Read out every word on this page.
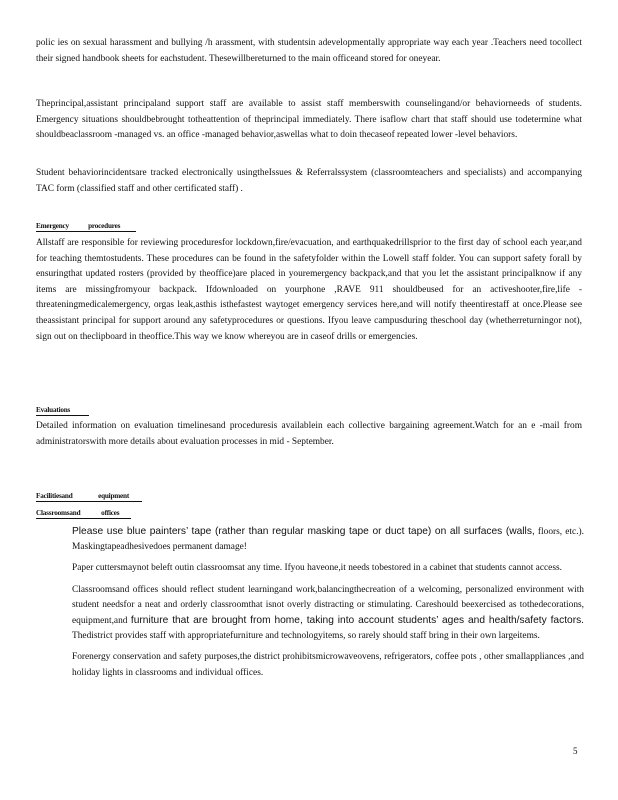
polic ies on sexual harassment and bullying /h arassment, with studentsin adevelopmentally appropriate way each year .Teachers need tocollect their signed handbook sheets for eachstudent. Thesewillbereturned to the main officeand stored for oneyear.
Theprincipal,assistant principaland support staff are available to assist staff memberswith counselingand/or behaviorneeds of students. Emergency situations shouldbebrought totheattention of theprincipal immediately. There isaflow chart that staff should use todetermine what shouldbeaclassroom -managed vs. an office -managed behavior,aswellas what to doin thecaseof repeated lower -level behaviors.
Student behaviorincidentsare tracked electronically usingtheIssues & Referralssystem (classroomteachers and specialists) and accompanying TAC form (classified staff and other certificated staff) .
Emergency	procedures
Allstaff are responsible for reviewing proceduresfor lockdown,fire/evacuation, and earthquakedrillsprior to the first day of school each year,and for teaching themtostudents. These procedures can be found in the safetyfolder within the Lowell staff folder. You can support safety forall by ensuringthat updated rosters (provided by theoffice)are placed in youremergency backpack,and that you let the assistant principalknow if any items are missingfromyour backpack. Ifdownloaded on yourphone ,RAVE 911 shouldbeused for an activeshooter,fire,life -threateningmedicalemergency, orgas leak,asthis isthefastest waytoget emergency services here,and will notify theentirestaff at once.Please see theassistant principal for support around any safetyprocedures or questions. Ifyou leave campusduring theschool day (whetherreturningor not), sign out on theclipboard in theoffice.This way we know whereyou are in caseof drills or emergencies.
Evaluations
Detailed information on evaluation timelinesand proceduresis availablein each collective bargaining agreement.Watch for an e -mail from administratorswith more details about evaluation processes in mid - September.
Facilitiesand	equipment
Classroomsand	offices
Please use blue painters’ tape (rather than regular masking tape or duct tape) on all surfaces (walls, floors, etc.). Maskingtapeadhesivedoes permanent damage!
Paper cuttersmaynot beleft outin classroomsat any time. Ifyou haveone,it needs tobestored in a cabinet that students cannot access.
Classroomsand offices should reflect student learningand work,balancingthecreation of a welcoming, personalized environment with student needsfor a neat and orderly classroomthat isnot overly distracting or stimulating. Careshould beexercised as tothedecorations, equipment,and furniture that are brought from home, taking into account students’ ages and health/safety factors. Thedistrict provides staff with appropriatefurniture and technologyitems, so rarely should staff bring in their own largeitems.
Forenergy conservation and safety purposes,the district prohibitsmicrowaveovens, refrigerators, coffee pots , other smallappliances ,and holiday lights in classrooms and individual offices.
5
